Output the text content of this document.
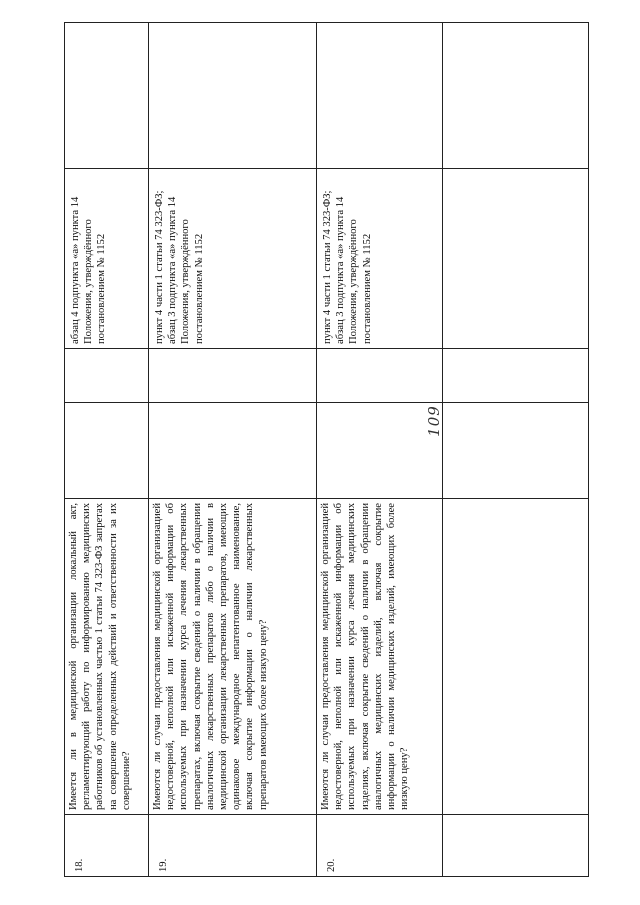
109
18.	Имеется ли в медицинской организации локальный акт, регламентирующий работу по информированию медицинских работников об установленных частью 1 статьи 74 323-ФЗ запретах на совершение определенных действий и ответственности за их совершение?			абзац 4 подпункта «а» пункта 14 Положения, утверждённого постановлением № 1152	
19.	Имеются ли случаи предоставления медицинской организацией недостоверной, неполной или искаженной информации об используемых при назначении курса лечения лекарственных препаратах, включая сокрытие сведений о наличии в обращении аналогичных лекарственных препаратов либо о наличии в медицинской организации лекарственных препаратов, имеющих одинаковое международное непатентованное наименование, включая сокрытие информации о наличии лекарственных препаратов имеющих более низкую цену?			пункт 4 части 1 статьи 74 323-ФЗ; абзац 3 подпункта «а» пункта 14 Положения, утверждённого постановлением № 1152	
20.	Имеются ли случаи предоставления медицинской организацией недостоверной, неполной или искаженной информации об используемых при назначении курса лечения медицинских изделиях, включая сокрытие сведений о наличии в обращении аналогичных медицинских изделий, включая сокрытие информации о наличии медицинских изделий, имеющих более низкую цену?			пункт 4 части 1 статьи 74 323-ФЗ; абзац 3 подпункта «а» пункта 14 Положения, утверждённого постановлением № 1152	
